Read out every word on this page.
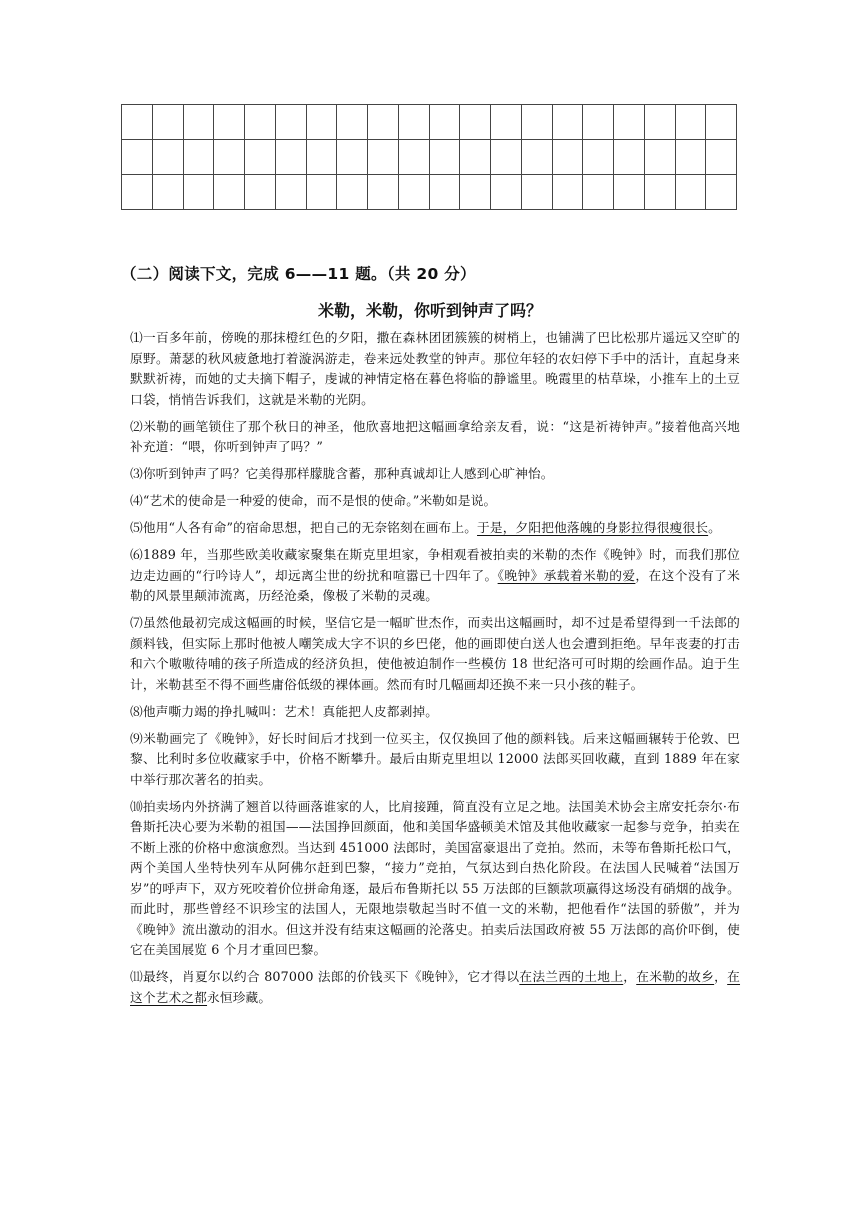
（二）阅读下文，完成 6——11 题。（共 20 分）
米勒，米勒，你听到钟声了吗？

⑴一百多年前，傍晚的那抹橙红色的夕阳，撒在森林团团簇簇的树梢上，也铺满了巴比松那片遥远又空旷的原野。萧瑟的秋风疲惫地打着漩涡游走，卷来远处教堂的钟声。那位年轻的农妇停下手中的活计，直起身来默默祈祷，而她的丈夫摘下帽子，虔诚的神情定格在暮色将临的静谧里。晚霞里的枯草垛，小推车上的土豆口袋，悄悄告诉我们，这就是米勒的光阴。

⑵米勒的画笔锁住了那个秋日的神圣，他欣喜地把这幅画拿给亲友看，说：“这是祈祷钟声。”接着他高兴地补充道：“喂，你听到钟声了吗？”

⑶你听到钟声了吗？它美得那样朦胧含蓄，那种真诚却让人感到心旷神怡。

⑷“艺术的使命是一种爱的使命，而不是恨的使命。”米勒如是说。

⑸他用“人各有命”的宿命思想，把自己的无奈铭刻在画布上。于是，夕阳把他落魄的身影拉得很瘦很长。

⑹1889 年，当那些欧美收藏家聚集在斯克里坦家，争相观看被拍卖的米勒的杰作《晚钟》时，而我们那位边走边画的“行吟诗人”，却远离尘世的纷扰和喧嚣已十四年了。《晚钟》承载着米勒的爱，在这个没有了米勒的风景里颠沛流离，历经沧桑，像极了米勒的灵魂。

⑺虽然他最初完成这幅画的时候，坚信它是一幅旷世杰作，而卖出这幅画时，却不过是希望得到一千法郎的颜料钱，但实际上那时他被人嘲笑成大字不识的乡巴佬，他的画即使白送人也会遭到拒绝。早年丧妻的打击和六个嗷嗷待哺的孩子所造成的经济负担，使他被迫制作一些模仿 18 世纪洛可可时期的绘画作品。迫于生计，米勒甚至不得不画些庸俗低级的裸体画。然而有时几幅画却还换不来一只小孩的鞋子。

⑻他声嘶力竭的挣扎喊叫：艺术！真能把人皮都剥掉。

⑼米勒画完了《晚钟》，好长时间后才找到一位买主，仅仅换回了他的颜料钱。后来这幅画辗转于伦敦、巴黎、比利时多位收藏家手中，价格不断攀升。最后由斯克里坦以 12000 法郎买回收藏，直到 1889 年在家中举行那次著名的拍卖。

⑽拍卖场内外挤满了翘首以待画落谁家的人，比肩接踵，简直没有立足之地。法国美术协会主席安托奈尔·布鲁斯托决心要为米勒的祖国——法国挣回颜面，他和美国华盛顿美术馆及其他收藏家一起参与竞争，拍卖在不断上涨的价格中愈演愈烈。当达到 451000 法郎时，美国富豪退出了竞拍。然而，未等布鲁斯托松口气，两个美国人坐特快列车从阿佛尔赶到巴黎，“接力”竞拍，气氛达到白热化阶段。在法国人民喊着“法国万岁”的呼声下，双方死咬着价位拼命角逐，最后布鲁斯托以 55 万法郎的巨额款项赢得这场没有硝烟的战争。而此时，那些曾经不识珍宝的法国人，无限地崇敬起当时不值一文的米勒，把他看作“法国的骄傲”，并为《晚钟》流出激动的泪水。但这并没有结束这幅画的沦落史。拍卖后法国政府被 55 万法郎的高价吓倒，使它在美国展览 6 个月才重回巴黎。

⑾最终，肖夏尔以约合 807000 法郎的价钱买下《晚钟》，它才得以在法兰西的土地上，在米勒的故乡，在这个艺术之都永恒珍藏。
